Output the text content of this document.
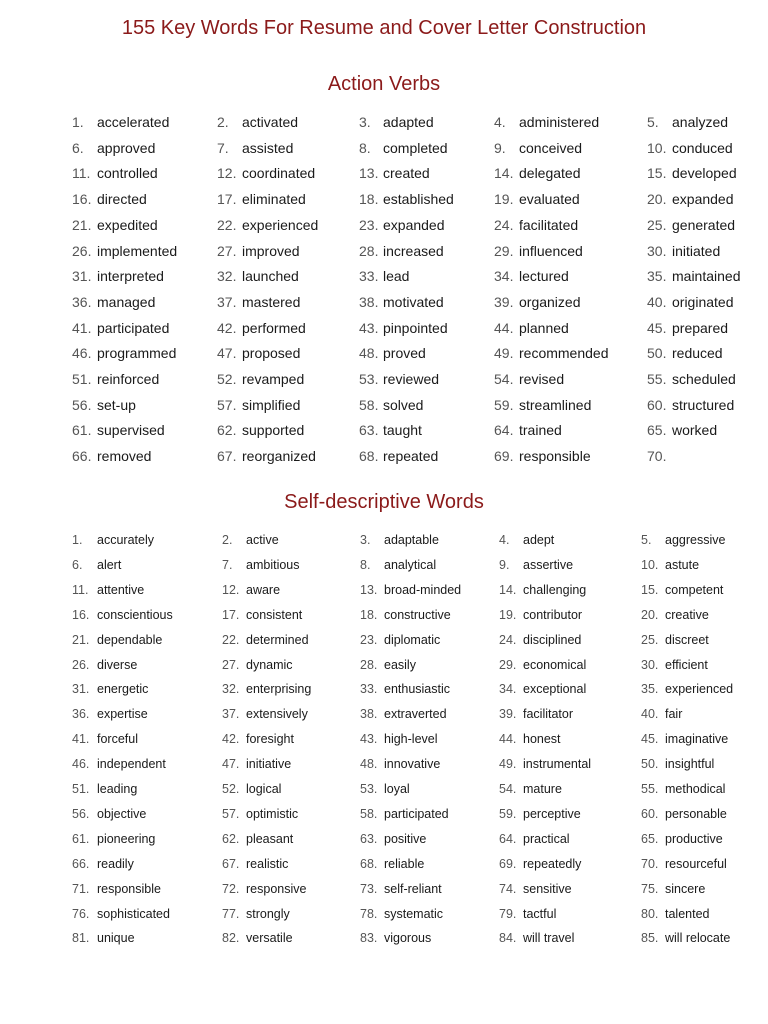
155 Key Words For Resume and Cover Letter Construction
Action Verbs
1. accelerated	2. activated	3. adapted	4. administered	5. analyzed
6. approved	7. assisted	8. completed	9. conceived	10. conduced
11. controlled	12. coordinated	13. created	14. delegated	15. developed
16. directed	17. eliminated	18. established	19. evaluated	20. expanded
21. expedited	22. experienced	23. expanded	24. facilitated	25. generated
26. implemented	27. improved	28. increased	29. influenced	30. initiated
31. interpreted	32. launched	33. lead	34. lectured	35. maintained
36. managed	37. mastered	38. motivated	39. organized	40. originated
41. participated	42. performed	43. pinpointed	44. planned	45. prepared
46. programmed	47. proposed	48. proved	49. recommended	50. reduced
51. reinforced	52. revamped	53. reviewed	54. revised	55. scheduled
56. set-up	57. simplified	58. solved	59. streamlined	60. structured
61. supervised	62. supported	63. taught	64. trained	65. worked
66. removed	67. reorganized	68. repeated	69. responsible	70.
Self-descriptive Words
1. accurately	2. active	3. adaptable	4. adept	5. aggressive
6. alert	7. ambitious	8. analytical	9. assertive	10. astute
11. attentive	12. aware	13. broad-minded	14. challenging	15. competent
16. conscientious	17. consistent	18. constructive	19. contributor	20. creative
21. dependable	22. determined	23. diplomatic	24. disciplined	25. discreet
26. diverse	27. dynamic	28. easily	29. economical	30. efficient
31. energetic	32. enterprising	33. enthusiastic	34. exceptional	35. experienced
36. expertise	37. extensively	38. extraverted	39. facilitator	40. fair
41. forceful	42. foresight	43. high-level	44. honest	45. imaginative
46. independent	47. initiative	48. innovative	49. instrumental	50. insightful
51. leading	52. logical	53. loyal	54. mature	55. methodical
56. objective	57. optimistic	58. participated	59. perceptive	60. personable
61. pioneering	62. pleasant	63. positive	64. practical	65. productive
66. readily	67. realistic	68. reliable	69. repeatedly	70. resourceful
71. responsible	72. responsive	73. self-reliant	74. sensitive	75. sincere
76. sophisticated	77. strongly	78. systematic	79. tactful	80. talented
81. unique	82. versatile	83. vigorous	84. will travel	85. will relocate
